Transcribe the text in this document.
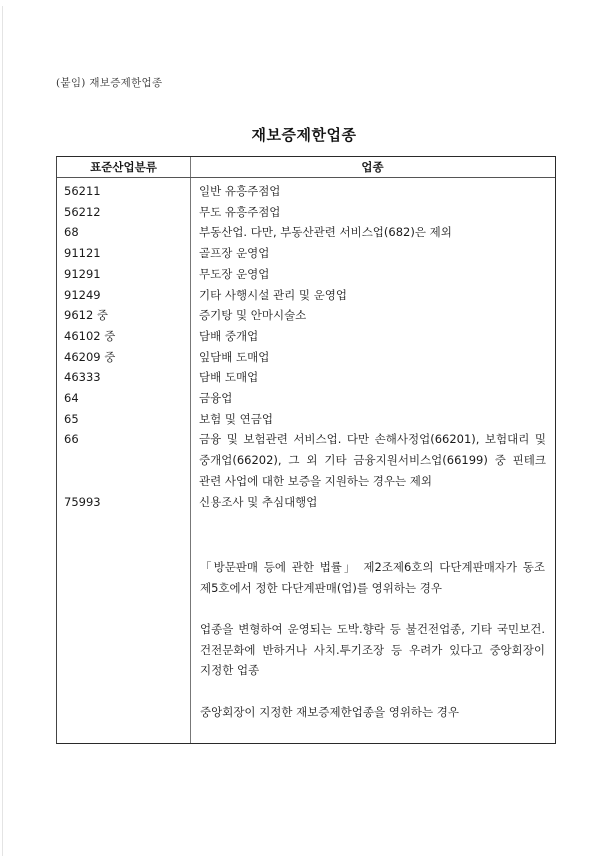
(붙임) 재보증제한업종
재보증제한업종
표준산업분류	업종
56211	일반 유흥주점업
56212	무도 유흥주점업
68	부동산업. 다만, 부동산관련 서비스업(682)은 제외
91121	골프장 운영업
91291	무도장 운영업
91249	기타 사행시설 관리 및 운영업
9612 중	증기탕 및 안마시술소
46102 중	담배 중개업
46209 중	잎담배 도매업
46333	담배 도매업
64	금융업
65	보험 및 연금업
66	금융 및 보험관련 서비스업. 다만 손해사정업(66201), 보험대리 및 중개업(66202), 그 외 기타 금융지원서비스업(66199) 중 핀테크 관련 사업에 대한 보증을 지원하는 경우는 제외
75993	신용조사 및 추심대행업

「방문판매 등에 관한 법률」 제2조제6호의 다단계판매자가 동조 제5호에서 정한 다단계판매(업)를 영위하는 경우

업종을 변형하여 운영되는 도박.향락 등 불건전업종, 기타 국민보건.건전문화에 반하거나 사치.투기조장 등 우려가 있다고 중앙회장이 지정한 업종

중앙회장이 지정한 재보증제한업종을 영위하는 경우
